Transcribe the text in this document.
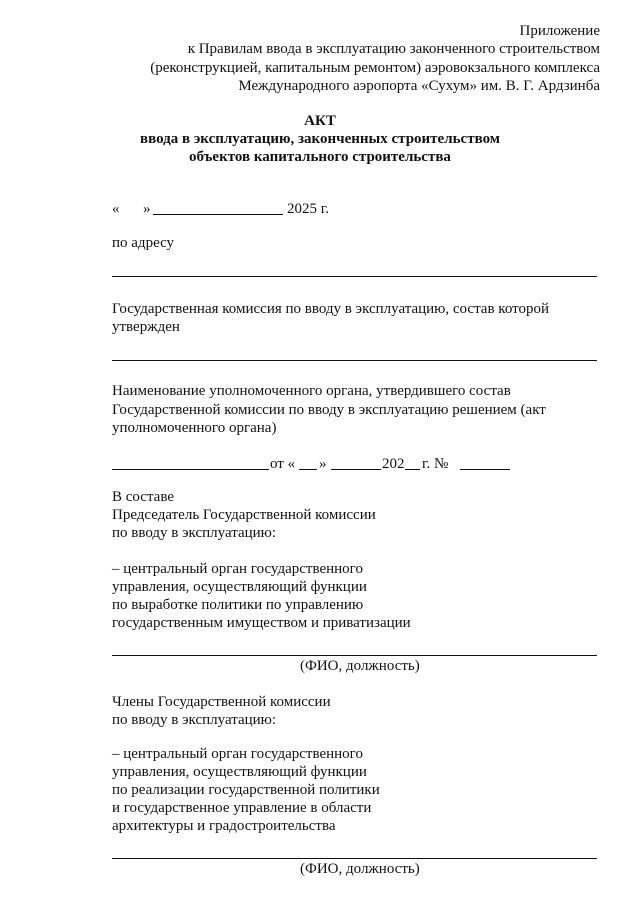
Приложение
к Правилам ввода в эксплуатацию законченного строительством
(реконструкцией, капитальным ремонтом) аэровокзального комплекса
Международного аэропорта «Сухум» им. В. Г. Ардзинба
АКТ
ввода в эксплуатацию, законченных строительством
объектов капитального строительства
« »	2025 г.
по адресу
Государственная комиссия по вводу в эксплуатацию, состав которой
утвержден
Наименование уполномоченного органа, утвердившего состав
Государственной комиссии по вводу в эксплуатацию решением (акт
уполномоченного органа)
от « »	202 г. №
В составе
Председатель Государственной комиссии
по вводу в эксплуатацию:
– центральный орган государственного
управления, осуществляющий функции
по выработке политики по управлению
государственным имуществом и приватизации
(ФИО, должность)
Члены Государственной комиссии
по вводу в эксплуатацию:
– центральный орган государственного
управления, осуществляющий функции
по реализации государственной политики
и государственное управление в области
архитектуры и градостроительства
(ФИО, должность)
